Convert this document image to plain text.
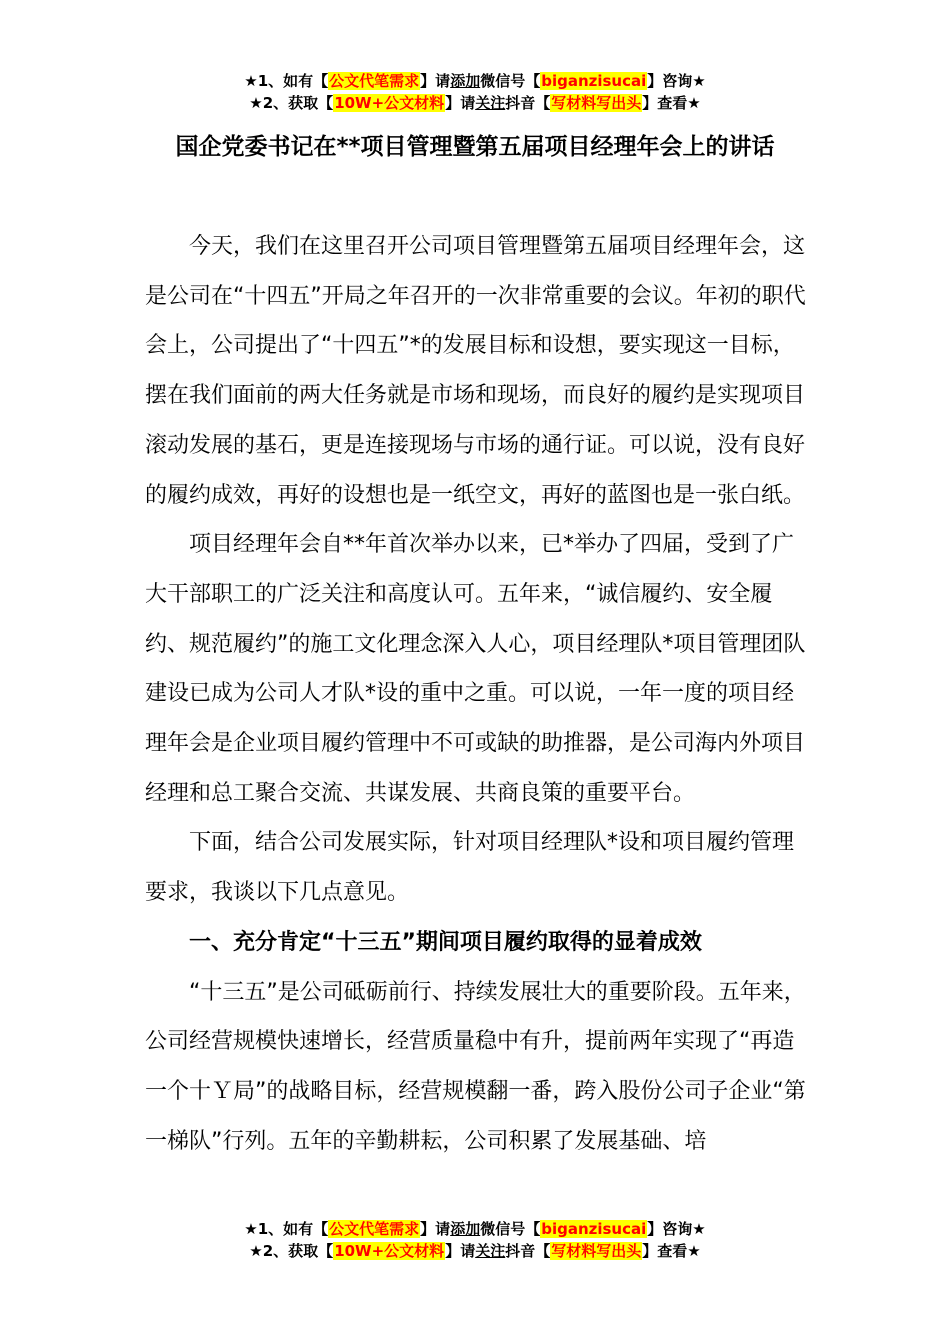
★1、如有【公文代笔需求】请添加微信号【biganzisucai】咨询★
★2、获取【10W+公文材料】请关注抖音【写材料写出头】查看★
国企党委书记在**项目管理暨第五届项目经理年会上的讲话

今天，我们在这里召开公司项目管理暨第五届项目经理年会，这是公司在“十四五”开局之年召开的一次非常重要的会议。年初的职代会上，公司提出了“十四五”*的发展目标和设想，要实现这一目标，摆在我们面前的两大任务就是市场和现场，而良好的履约是实现项目滚动发展的基石，更是连接现场与市场的通行证。可以说，没有良好的履约成效，再好的设想也是一纸空文，再好的蓝图也是一张白纸。

项目经理年会自**年首次举办以来，已*举办了四届，受到了广大干部职工的广泛关注和高度认可。五年来，“诚信履约、安全履约、规范履约”的施工文化理念深入人心，项目经理队*项目管理团队建设已成为公司人才队*设的重中之重。可以说，一年一度的项目经理年会是企业项目履约管理中不可或缺的助推器，是公司海内外项目经理和总工聚合交流、共谋发展、共商良策的重要平台。

下面，结合公司发展实际，针对项目经理队*设和项目履约管理要求，我谈以下几点意见。

一、充分肯定“十三五”期间项目履约取得的显着成效

“十三五”是公司砥砺前行、持续发展壮大的重要阶段。五年来，公司经营规模快速增长，经营质量稳中有升，提前两年实现了“再造一个十Ｙ局”的战略目标，经营规模翻一番，跨入股份公司子企业“第一梯队”行列。五年的辛勤耕耘，公司积累了发展基础、培

★1、如有【公文代笔需求】请添加微信号【biganzisucai】咨询★
★2、获取【10W+公文材料】请关注抖音【写材料写出头】查看★
